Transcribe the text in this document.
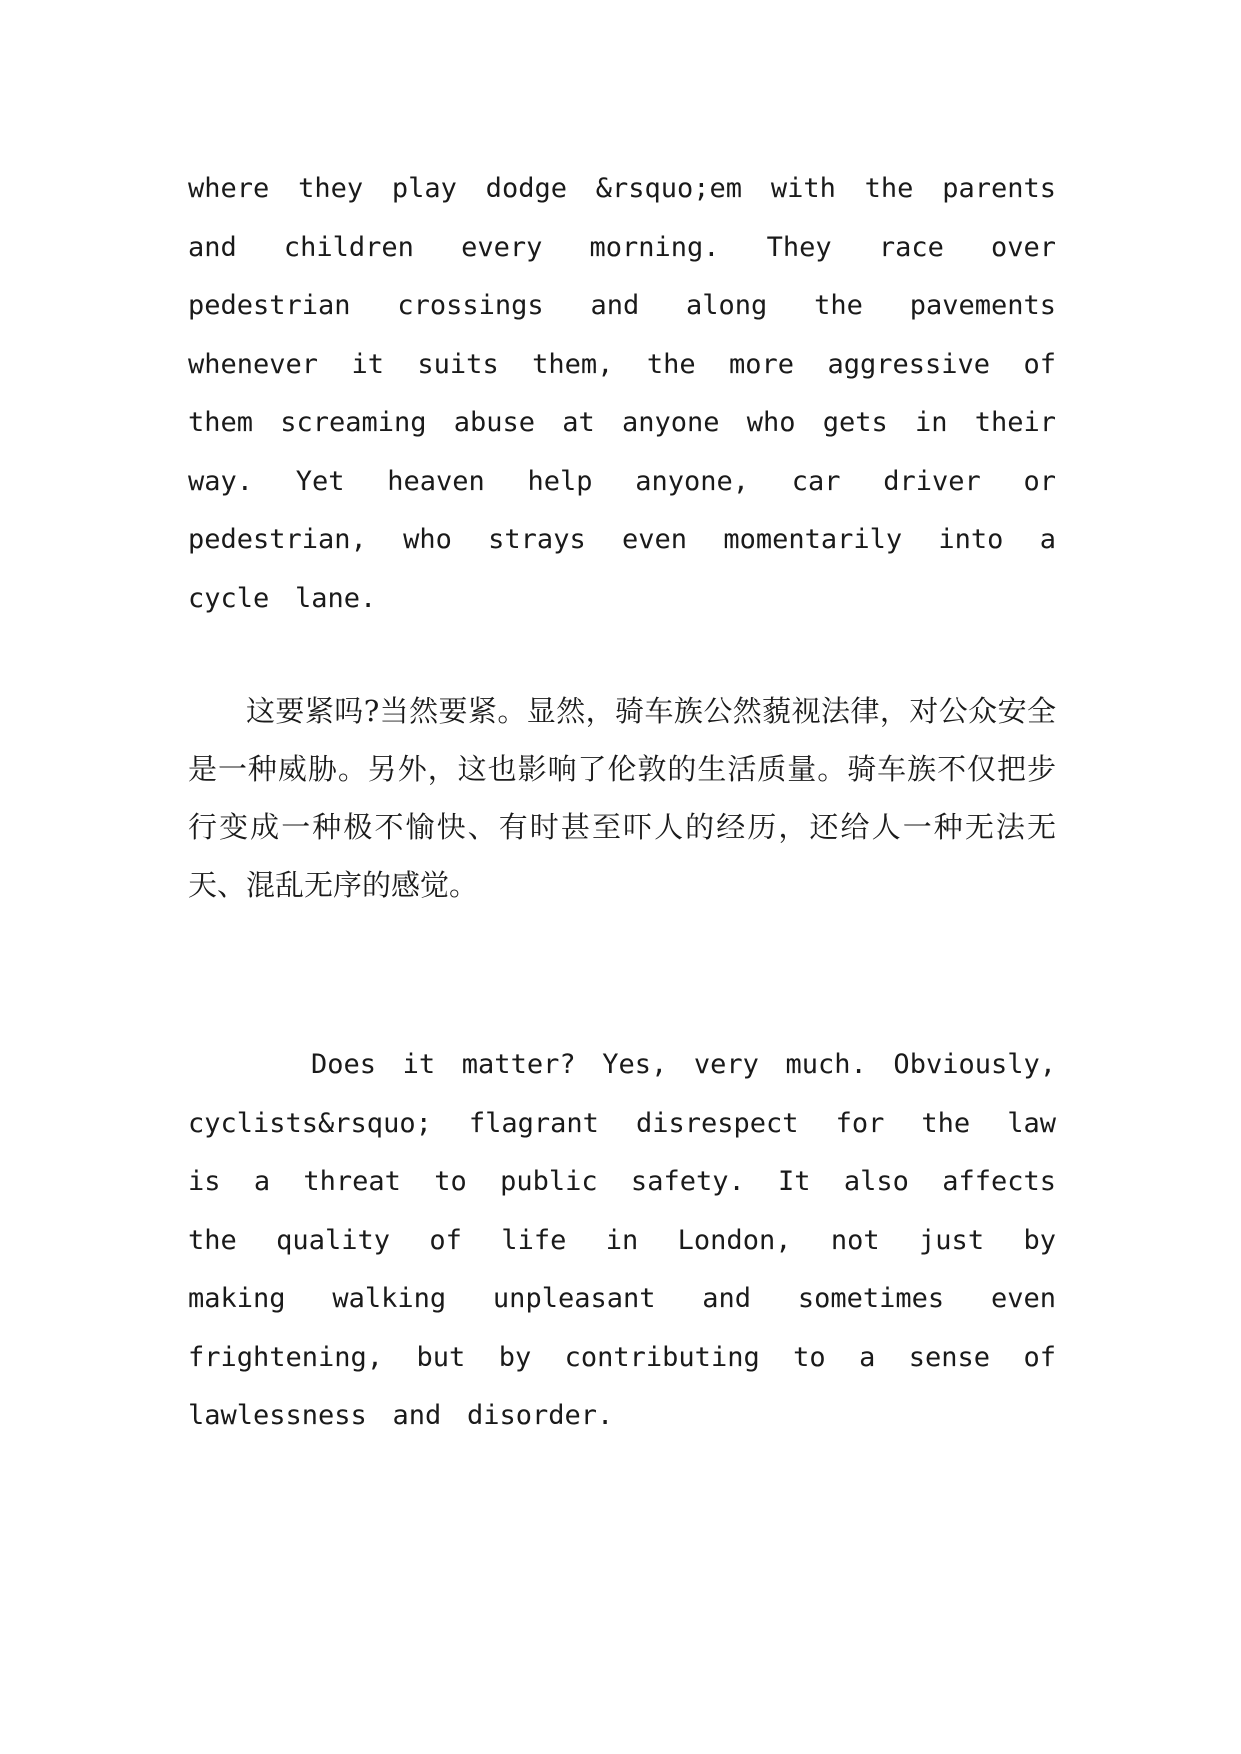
where they play dodge &rsquo;em with the parents and children every morning. They race over pedestrian crossings and along the pavements whenever it suits them, the more aggressive of them screaming abuse at anyone who gets in their way. Yet heaven help anyone, car driver or pedestrian, who strays even momentarily into a cycle lane.

这要紧吗?当然要紧。显然，骑车族公然藐视法律，对公众安全是一种威胁。另外，这也影响了伦敦的生活质量。骑车族不仅把步行变成一种极不愉快、有时甚至吓人的经历，还给人一种无法无天、混乱无序的感觉。

Does it matter? Yes, very much. Obviously, cyclists&rsquo; flagrant disrespect for the law is a threat to public safety. It also affects the quality of life in London, not just by making walking unpleasant and sometimes even frightening, but by contributing to a sense of lawlessness and disorder.
